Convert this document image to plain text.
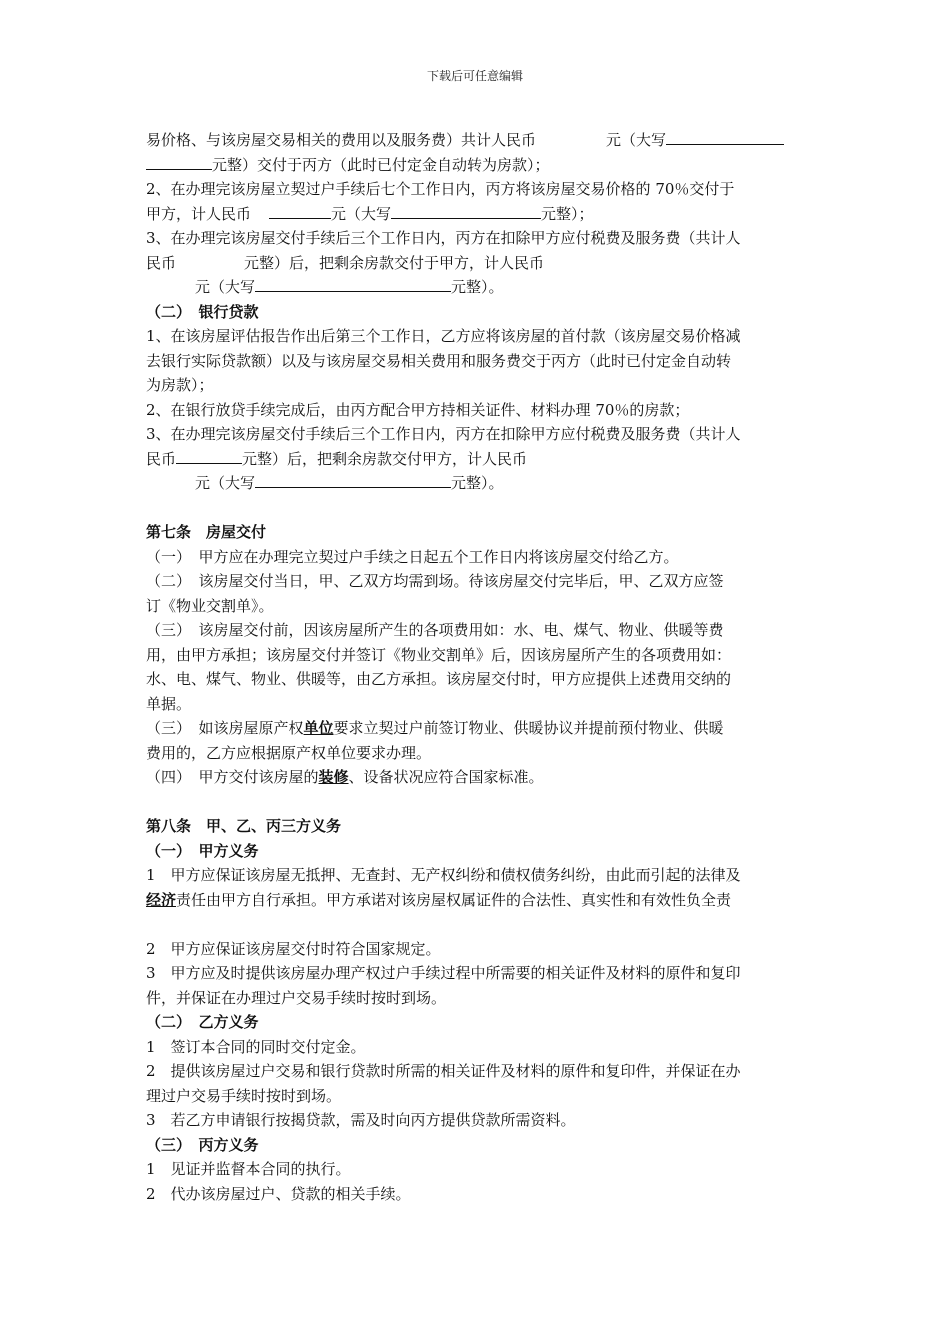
下载后可任意编辑

易价格、与该房屋交易相关的费用以及服务费）共计人民币	元（大写

元整）交付于丙方（此时已付定金自动转为房款）；

2、在办理完该房屋立契过户手续后七个工作日内，丙方将该房屋交易价格的 70％交付于

甲方，计人民币	元（大写	元整）；

3、在办理完该房屋交付手续后三个工作日内，丙方在扣除甲方应付税费及服务费（共计人

民币	元整）后，把剩余房款交付于甲方，计人民币

元（大写	元整）。

（二）　银行贷款

1、在该房屋评估报告作出后第三个工作日，乙方应将该房屋的首付款（该房屋交易价格减

去银行实际贷款额）以及与该房屋交易相关费用和服务费交于丙方（此时已付定金自动转

为房款）；

2、在银行放贷手续完成后，由丙方配合甲方持相关证件、材料办理 70％的房款；

3、在办理完该房屋交付手续后三个工作日内，丙方在扣除甲方应付税费及服务费（共计人

民币	元整）后，把剩余房款交付甲方，计人民币

元（大写	元整）。

第七条　房屋交付

（一）　甲方应在办理完立契过户手续之日起五个工作日内将该房屋交付给乙方。

（二）　该房屋交付当日，甲、乙双方均需到场。待该房屋交付完毕后，甲、乙双方应签

订《物业交割单》。

（三）　该房屋交付前，因该房屋所产生的各项费用如：水、电、煤气、物业、供暖等费

用，由甲方承担；该房屋交付并签订《物业交割单》后，因该房屋所产生的各项费用如：

水、电、煤气、物业、供暖等，由乙方承担。该房屋交付时，甲方应提供上述费用交纳的

单据。

（三）　如该房屋原产权单位要求立契过户前签订物业、供暖协议并提前预付物业、供暖

费用的，乙方应根据原产权单位要求办理。

（四）　甲方交付该房屋的装修、设备状况应符合国家标准。

第八条　甲、乙、丙三方义务

（一）　甲方义务

1　甲方应保证该房屋无抵押、无查封、无产权纠纷和债权债务纠纷，由此而引起的法律及

经济责任由甲方自行承担。甲方承诺对该房屋权属证件的合法性、真实性和有效性负全责

2　甲方应保证该房屋交付时符合国家规定。

3　甲方应及时提供该房屋办理产权过户手续过程中所需要的相关证件及材料的原件和复印

件，并保证在办理过户交易手续时按时到场。

（二）　乙方义务

1　签订本合同的同时交付定金。

2　提供该房屋过户交易和银行贷款时所需的相关证件及材料的原件和复印件，并保证在办

理过户交易手续时按时到场。

3　若乙方申请银行按揭贷款，需及时向丙方提供贷款所需资料。

（三）　丙方义务

1　见证并监督本合同的执行。

2　代办该房屋过户、贷款的相关手续。
